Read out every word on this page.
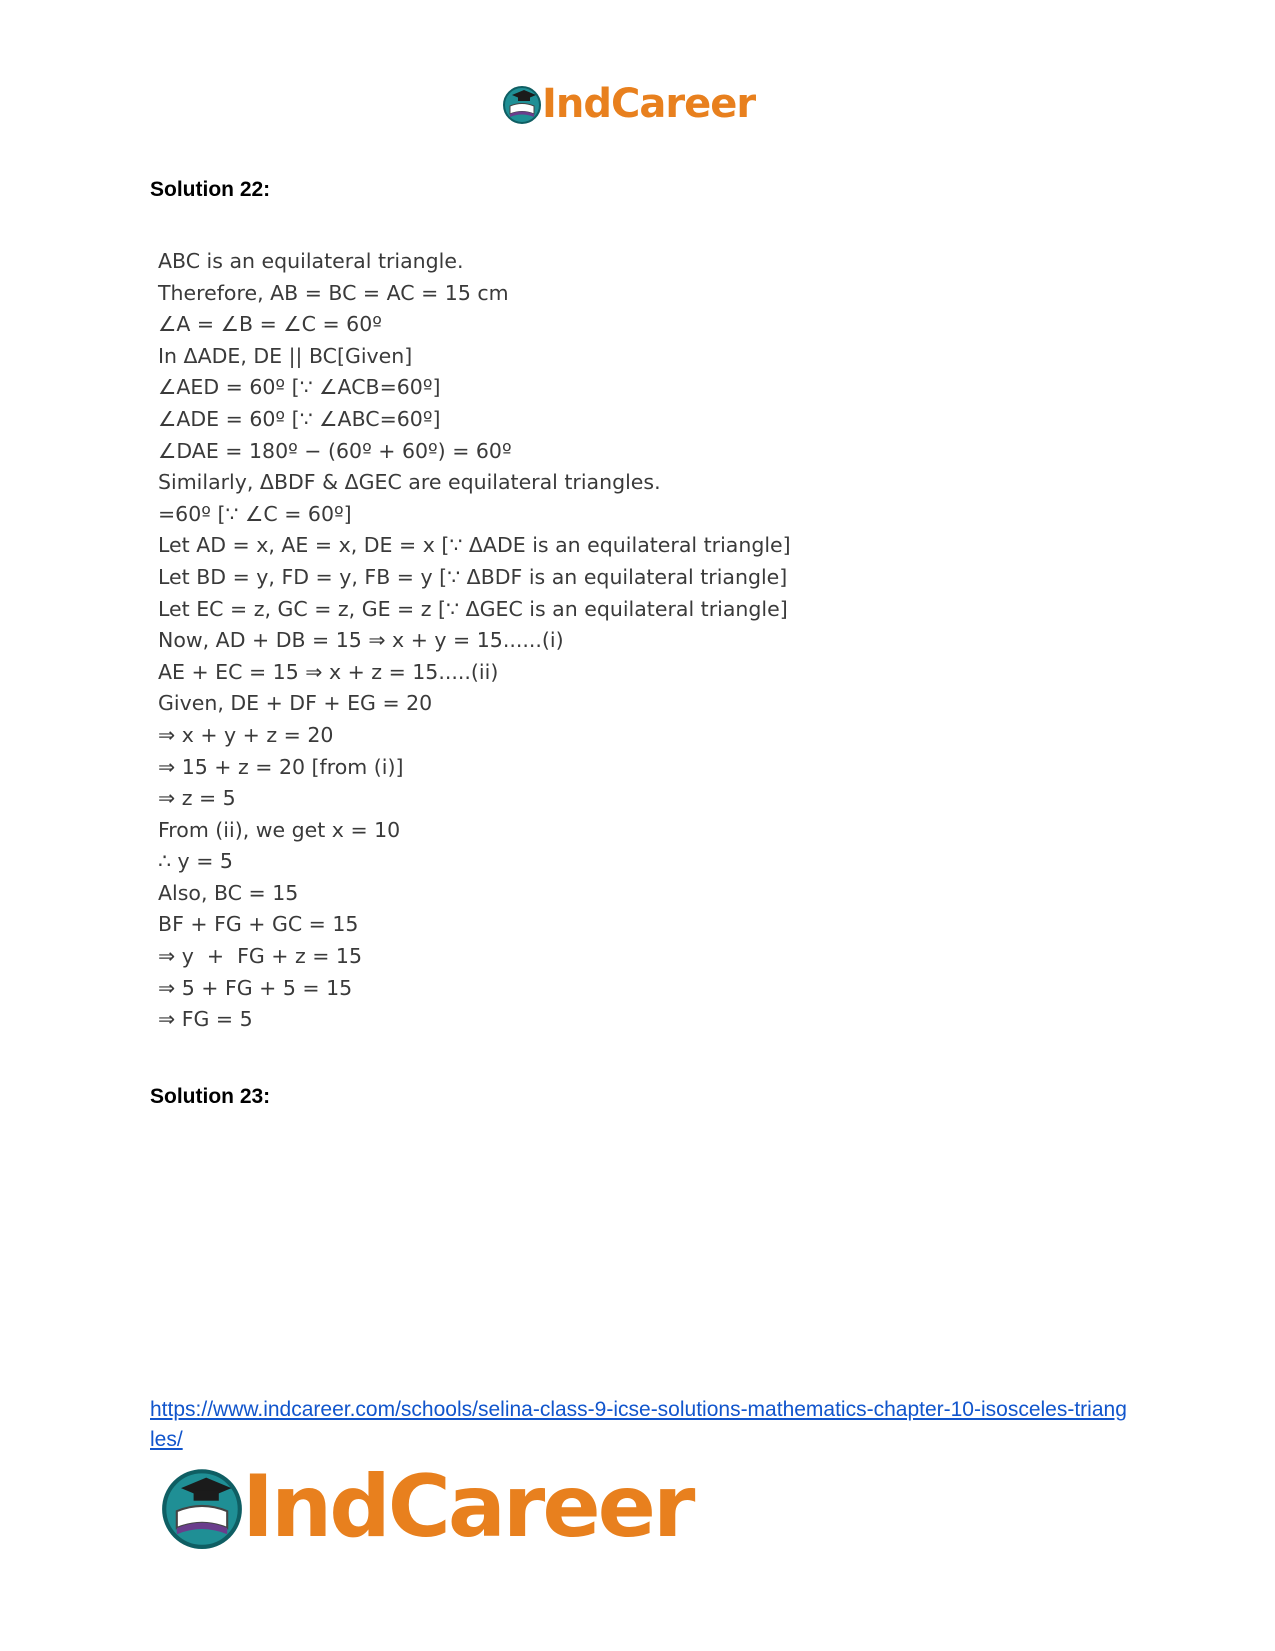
IndCareer
Solution 22:
ABC is an equilateral triangle.
Therefore, AB = BC = AC = 15 cm
∠A = ∠B = ∠C = 60º
In ΔADE, DE || BC[Given]
∠AED = 60º [∵ ∠ACB=60º]
∠ADE = 60º [∵ ∠ABC=60º]
∠DAE = 180º − (60º + 60º) = 60º
Similarly, ΔBDF & ΔGEC are equilateral triangles.
=60º [∵ ∠C = 60º]
Let AD = x, AE = x, DE = x [∵ ΔADE is an equilateral triangle]
Let BD = y, FD = y, FB = y [∵ ΔBDF is an equilateral triangle]
Let EC = z, GC = z, GE = z [∵ ΔGEC is an equilateral triangle]
Now, AD + DB = 15 ⇒ x + y = 15......(i)
AE + EC = 15 ⇒ x + z = 15.....(ii)
Given, DE + DF + EG = 20
⇒ x + y + z = 20
⇒ 15 + z = 20 [from (i)]
⇒ z = 5
From (ii), we get x = 10
∴ y = 5
Also, BC = 15
BF + FG + GC = 15
⇒ y  +  FG + z = 15
⇒ 5 + FG + 5 = 15
⇒ FG = 5
Solution 23:
https://www.indcareer.com/schools/selina-class-9-icse-solutions-mathematics-chapter-10-isosceles-triangles/
IndCareer
